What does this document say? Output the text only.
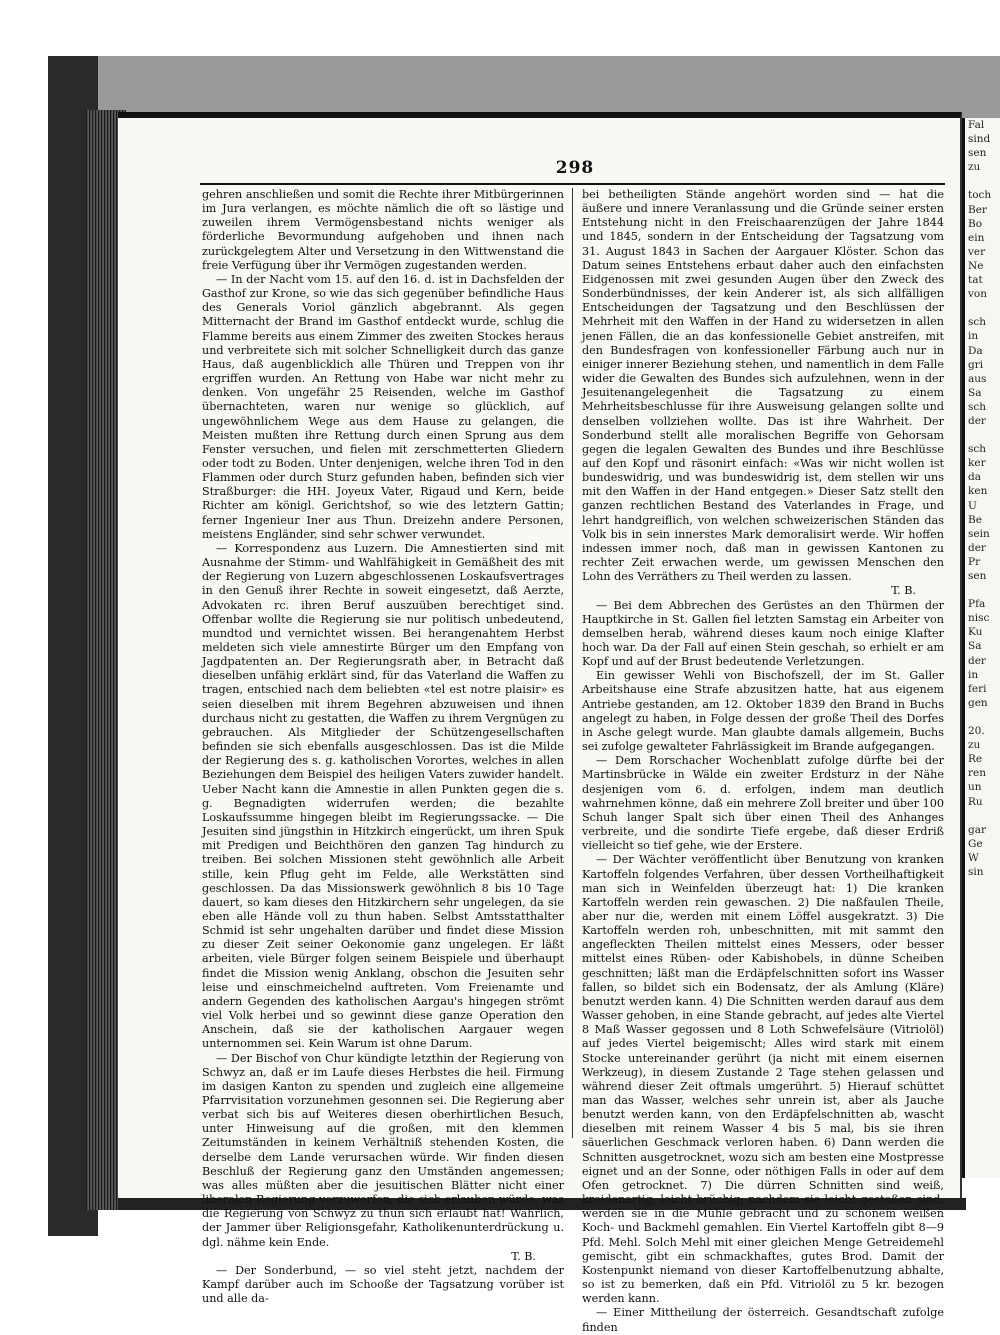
298

gehren anschließen und somit die Rechte ihrer Mitbürgerinnen im Jura verlangen, es möchte nämlich die oft so lästige und zuweilen ihrem Vermögensbestand nichts weniger als förderliche Bevormundung aufgehoben und ihnen nach zurückgelegtem Alter und Versetzung in den Wittwenstand die freie Verfügung über ihr Vermögen zugestanden werden.

— In der Nacht vom 15. auf den 16. d. ist in Dachsfelden der Gasthof zur Krone, so wie das sich gegenüber befindliche Haus des Generals Voriol gänzlich abgebrannt. Als gegen Mitternacht der Brand im Gasthof entdeckt wurde, schlug die Flamme bereits aus einem Zimmer des zweiten Stockes heraus und verbreitete sich mit solcher Schnelligkeit durch das ganze Haus, daß augenblicklich alle Thüren und Treppen von ihr ergriffen wurden. An Rettung von Habe war nicht mehr zu denken. Von ungefähr 25 Reisenden, welche im Gasthof übernachteten, waren nur wenige so glücklich, auf ungewöhnlichem Wege aus dem Hause zu gelangen, die Meisten mußten ihre Rettung durch einen Sprung aus dem Fenster versuchen, und fielen mit zerschmetterten Gliedern oder todt zu Boden. Unter denjenigen, welche ihren Tod in den Flammen oder durch Sturz gefunden haben, befinden sich vier Straßburger: die HH. Joyeux Vater, Rigaud und Kern, beide Richter am königl. Gerichtshof, so wie des letztern Gattin; ferner Ingenieur Iner aus Thun. Dreizehn andere Personen, meistens Engländer, sind sehr schwer verwundet.

— Korrespondenz aus Luzern. Die Amnestierten sind mit Ausnahme der Stimm- und Wahlfähigkeit in Gemäßheit des mit der Regierung von Luzern abgeschlossenen Loskaufsvertrages in den Genuß ihrer Rechte in soweit eingesetzt, daß Aerzte, Advokaten rc. ihren Beruf auszuüben berechtiget sind. Offenbar wollte die Regierung sie nur politisch unbedeutend, mundtod und vernichtet wissen. Bei herangenahtem Herbst meldeten sich viele amnestirte Bürger um den Empfang von Jagdpatenten an. Der Regierungsrath aber, in Betracht daß dieselben unfähig erklärt sind, für das Vaterland die Waffen zu tragen, entschied nach dem beliebten «tel est notre plaisir» es seien dieselben mit ihrem Begehren abzuweisen und ihnen durchaus nicht zu gestatten, die Waffen zu ihrem Vergnügen zu gebrauchen. Als Mitglieder der Schützengesellschaften befinden sie sich ebenfalls ausgeschlossen. Das ist die Milde der Regierung des s. g. katholischen Vorortes, welches in allen Beziehungen dem Beispiel des heiligen Vaters zuwider handelt. Ueber Nacht kann die Amnestie in allen Punkten gegen die s. g. Begnadigten widerrufen werden; die bezahlte Loskaufssumme hingegen bleibt im Regierungssacke. — Die Jesuiten sind jüngsthin in Hitzkirch eingerückt, um ihren Spuk mit Predigen und Beichthören den ganzen Tag hindurch zu treiben. Bei solchen Missionen steht gewöhnlich alle Arbeit stille, kein Pflug geht im Felde, alle Werkstätten sind geschlossen. Da das Missionswerk gewöhnlich 8 bis 10 Tage dauert, so kam dieses den Hitzkirchern sehr ungelegen, da sie eben alle Hände voll zu thun haben. Selbst Amtsstatthalter Schmid ist sehr ungehalten darüber und findet diese Mission zu dieser Zeit seiner Oekonomie ganz ungelegen. Er läßt arbeiten, viele Bürger folgen seinem Beispiele und überhaupt findet die Mission wenig Anklang, obschon die Jesuiten sehr leise und einschmeichelnd auftreten. Vom Freienamte und andern Gegenden des katholischen Aargau's hingegen strömt viel Volk herbei und so gewinnt diese ganze Operation den Anschein, daß sie der katholischen Aargauer wegen unternommen sei. Kein Warum ist ohne Darum.

— Der Bischof von Chur kündigte letzthin der Regierung von Schwyz an, daß er im Laufe dieses Herbstes die heil. Firmung im dasigen Kanton zu spenden und zugleich eine allgemeine Pfarrvisitation vorzunehmen gesonnen sei. Die Regierung aber verbat sich bis auf Weiteres diesen oberhirtlichen Besuch, unter Hinweisung auf die großen, mit den klemmen Zeitumständen in keinem Verhältniß stehenden Kosten, die derselbe dem Lande verursachen würde. Wir finden diesen Beschluß der Regierung ganz den Umständen angemessen; was alles müßten aber die jesuitischen Blätter nicht einer liberalen Regierung vorzuwerfen, die sich erlauben würde, was die Regierung von Schwyz zu thun sich erlaubt hat! Wahrlich, der Jammer über Religionsgefahr, Katholikenunterdrückung u. dgl. nähme kein Ende.
T. B.

— Der Sonderbund, — so viel steht jetzt, nachdem der Kampf darüber auch im Schooße der Tagsatzung vorüber ist und alle da-

bei betheiligten Stände angehört worden sind — hat die äußere und innere Veranlassung und die Gründe seiner ersten Entstehung nicht in den Freischaarenzügen der Jahre 1844 und 1845, sondern in der Entscheidung der Tagsatzung vom 31. August 1843 in Sachen der Aargauer Klöster. Schon das Datum seines Entstehens erbaut daher auch den einfachsten Eidgenossen mit zwei gesunden Augen über den Zweck des Sonderbündnisses, der kein Anderer ist, als sich allfälligen Entscheidungen der Tagsatzung und den Beschlüssen der Mehrheit mit den Waffen in der Hand zu widersetzen in allen jenen Fällen, die an das konfessionelle Gebiet anstreifen, mit den Bundesfragen von konfessioneller Färbung auch nur in einiger innerer Beziehung stehen, und namentlich in dem Falle wider die Gewalten des Bundes sich aufzulehnen, wenn in der Jesuitenangelegenheit die Tagsatzung zu einem Mehrheitsbeschlusse für ihre Ausweisung gelangen sollte und denselben vollziehen wollte. Das ist ihre Wahrheit. Der Sonderbund stellt alle moralischen Begriffe von Gehorsam gegen die legalen Gewalten des Bundes und ihre Beschlüsse auf den Kopf und räsonirt einfach: «Was wir nicht wollen ist bundeswidrig, und was bundeswidrig ist, dem stellen wir uns mit den Waffen in der Hand entgegen.» Dieser Satz stellt den ganzen rechtlichen Bestand des Vaterlandes in Frage, und lehrt handgreiflich, von welchen schweizerischen Ständen das Volk bis in sein innerstes Mark demoralisirt werde. Wir hoffen indessen immer noch, daß man in gewissen Kantonen zu rechter Zeit erwachen werde, um gewissen Menschen den Lohn des Verräthers zu Theil werden zu lassen.
T. B.

— Bei dem Abbrechen des Gerüstes an den Thürmen der Hauptkirche in St. Gallen fiel letzten Samstag ein Arbeiter von demselben herab, während dieses kaum noch einige Klafter hoch war. Da der Fall auf einen Stein geschah, so erhielt er am Kopf und auf der Brust bedeutende Verletzungen.

Ein gewisser Wehli von Bischofszell, der im St. Galler Arbeitshause eine Strafe abzusitzen hatte, hat aus eigenem Antriebe gestanden, am 12. Oktober 1839 den Brand in Buchs angelegt zu haben, in Folge dessen der große Theil des Dorfes in Asche gelegt wurde. Man glaubte damals allgemein, Buchs sei zufolge gewalteter Fahrlässigkeit im Brande aufgegangen.

— Dem Rorschacher Wochenblatt zufolge dürfte bei der Martinsbrücke in Wälde ein zweiter Erdsturz in der Nähe desjenigen vom 6. d. erfolgen, indem man deutlich wahrnehmen könne, daß ein mehrere Zoll breiter und über 100 Schuh langer Spalt sich über einen Theil des Anhanges verbreite, und die sondirte Tiefe ergebe, daß dieser Erdriß vielleicht so tief gehe, wie der Erstere.

— Der Wächter veröffentlicht über Benutzung von kranken Kartoffeln folgendes Verfahren, über dessen Vortheilhaftigkeit man sich in Weinfelden überzeugt hat: 1) Die kranken Kartoffeln werden rein gewaschen. 2) Die naßfaulen Theile, aber nur die, werden mit einem Löffel ausgekratzt. 3) Die Kartoffeln werden roh, unbeschnitten, mit mit sammt den angefleckten Theilen mittelst eines Messers, oder besser mittelst eines Rüben- oder Kabishobels, in dünne Scheiben geschnitten; läßt man die Erdäpfelschnitten sofort ins Wasser fallen, so bildet sich ein Bodensatz, der als Amlung (Kläre) benutzt werden kann. 4) Die Schnitten werden darauf aus dem Wasser gehoben, in eine Stande gebracht, auf jedes alte Viertel 8 Maß Wasser gegossen und 8 Loth Schwefelsäure (Vitriolöl) auf jedes Viertel beigemischt; Alles wird stark mit einem Stocke untereinander gerührt (ja nicht mit einem eisernen Werkzeug), in diesem Zustande 2 Tage stehen gelassen und während dieser Zeit oftmals umgerührt. 5) Hierauf schüttet man das Wasser, welches sehr unrein ist, aber als Jauche benutzt werden kann, von den Erdäpfelschnitten ab, wascht dieselben mit reinem Wasser 4 bis 5 mal, bis sie ihren säuerlichen Geschmack verloren haben. 6) Dann werden die Schnitten ausgetrocknet, wozu sich am besten eine Mostpresse eignet und an der Sonne, oder nöthigen Falls in oder auf dem Ofen getrocknet. 7) Die dürren Schnitten sind weiß, kreidenartig, leicht brüchig; nachdem sie leicht gestoßen sind, werden sie in die Mühle gebracht und zu schönem weißen Koch- und Backmehl gemahlen. Ein Viertel Kartoffeln gibt 8—9 Pfd. Mehl. Solch Mehl mit einer gleichen Menge Getreidemehl gemischt, gibt ein schmackhaftes, gutes Brod. Damit der Kostenpunkt niemand von dieser Kartoffelbenutzung abhalte, so ist zu bemerken, daß ein Pfd. Vitriolöl zu 5 kr. bezogen werden kann.

— Einer Mittheilung der österreich. Gesandtschaft zufolge finden

Fal
sind
sen
zu
toch
Ber
Bo
ein
ver
Ne
tat
von
sch
in
Da
gri
aus
Sa
sch
der
sch
ker
da
ken
U
Be
sein
der
Pr
sen
Pfa
nisc
Ku
Sa
der
in
feri
gen
20.
zu
Re
ren
un
Ru
gar
Ge
W
sin
